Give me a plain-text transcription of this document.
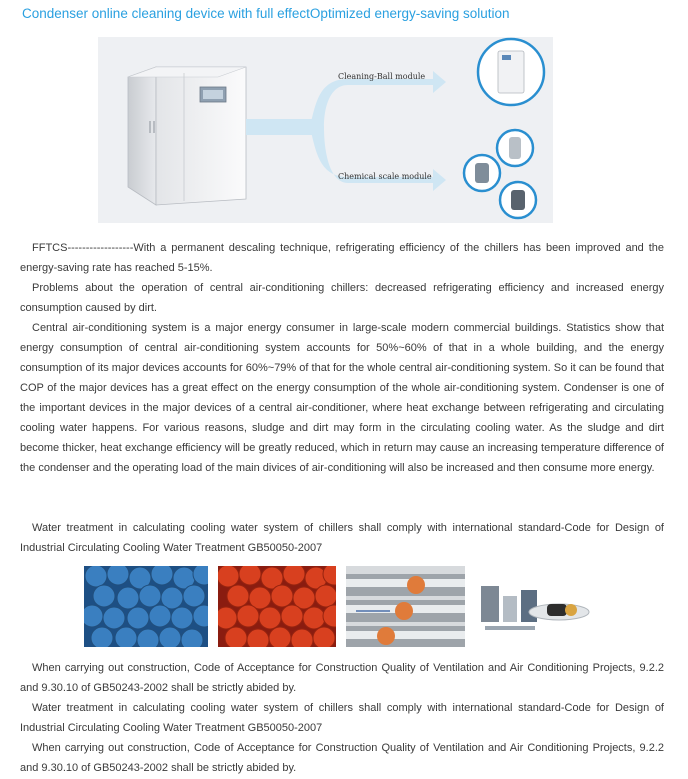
Condenser online cleaning device with full effectOptimized energy-saving solution
Cleaning-Ball module
Chemical scale module
FFTCS------------------With a permanent descaling technique, refrigerating efficiency of the chillers has been improved and the energy-saving rate has reached 5-15%.
Problems about the operation of central air-conditioning chillers: decreased refrigerating efficiency and increased energy consumption caused by dirt.
Central air-conditioning system is a major energy consumer in large-scale modern commercial buildings. Statistics show that energy consumption of central air-conditioning system accounts for 50%~60% of that in a whole building, and the energy consumption of its major devices accounts for 60%~79% of that for the whole central air-conditioning system. So it can be found that COP of the major devices has a great effect on the energy consumption of the whole air-conditioning system. Condenser is one of the important devices in the major devices of a central air-conditioner, where heat exchange between refrigerating and circulating cooling water happens. For various reasons, sludge and dirt may form in the circulating cooling water. As the sludge and dirt become thicker, heat exchange efficiency will be greatly reduced, which in return may cause an increasing temperature difference of the condenser and the operating load of the main divices of air-conditioning will also be increased and then consume more energy.
Water treatment in calculating cooling water system of chillers shall comply with international standard-Code for Design of Industrial Circulating Cooling Water Treatment GB50050-2007
When carrying out construction, Code of Acceptance for Construction Quality of Ventilation and Air Conditioning Projects, 9.2.2 and 9.30.10 of GB50243-2002 shall be strictly abided by.
Water treatment in calculating cooling water system of chillers shall comply with international standard-Code for Design of Industrial Circulating Cooling Water Treatment GB50050-2007
When carrying out construction, Code of Acceptance for Construction Quality of Ventilation and Air Conditioning Projects, 9.2.2 and 9.30.10 of GB50243-2002 shall be strictly abided by.
